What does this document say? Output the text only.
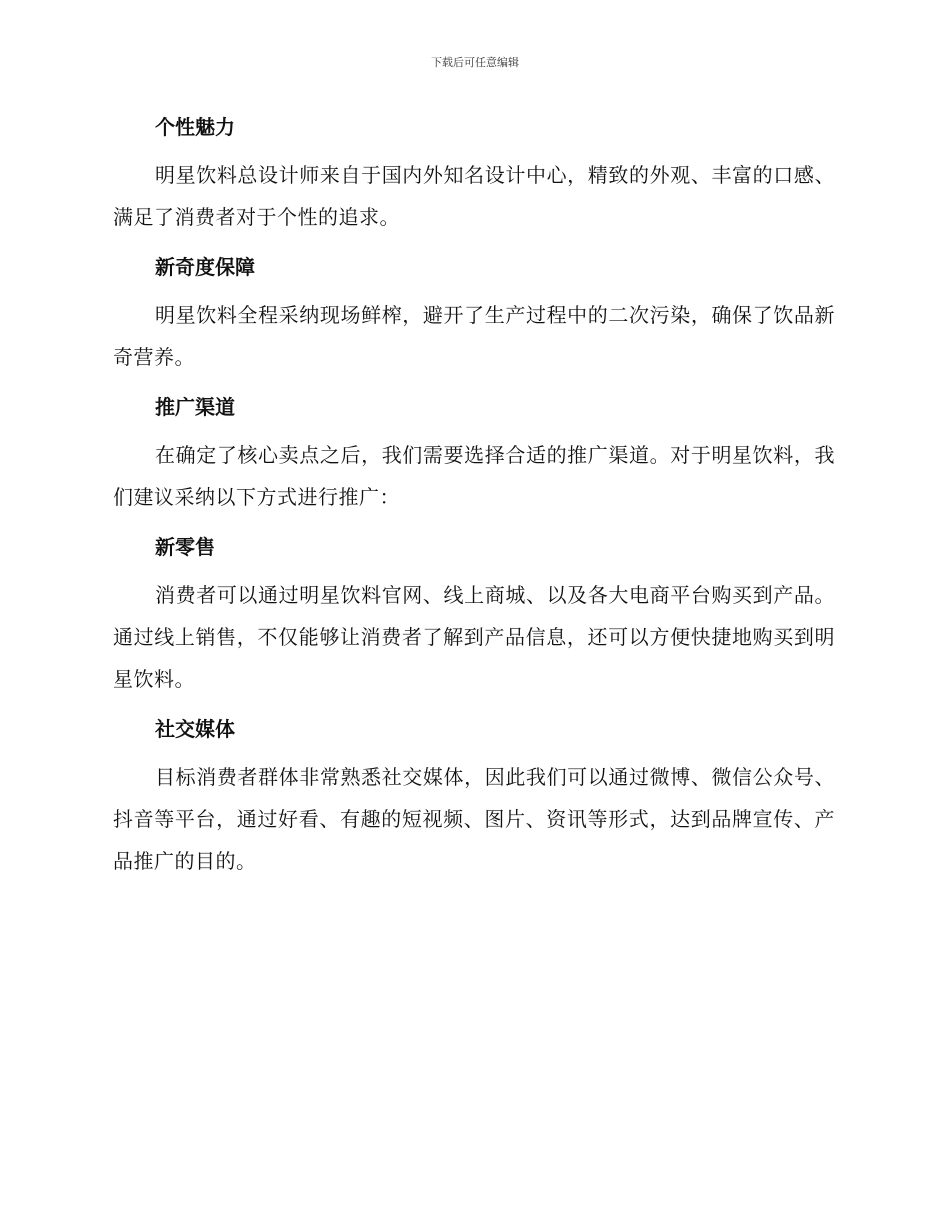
下载后可任意编辑
个性魅力

明星饮料总设计师来自于国内外知名设计中心，精致的外观、丰富的口感、满足了消费者对于个性的追求。

新奇度保障

明星饮料全程采纳现场鲜榨，避开了生产过程中的二次污染，确保了饮品新奇营养。

推广渠道

在确定了核心卖点之后，我们需要选择合适的推广渠道。对于明星饮料，我们建议采纳以下方式进行推广：

新零售

消费者可以通过明星饮料官网、线上商城、以及各大电商平台购买到产品。通过线上销售，不仅能够让消费者了解到产品信息，还可以方便快捷地购买到明星饮料。

社交媒体

目标消费者群体非常熟悉社交媒体，因此我们可以通过微博、微信公众号、抖音等平台，通过好看、有趣的短视频、图片、资讯等形式，达到品牌宣传、产品推广的目的。
